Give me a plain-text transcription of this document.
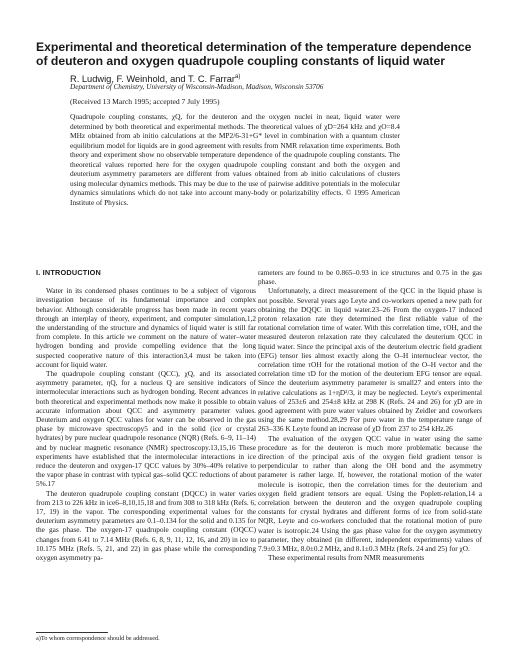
Experimental and theoretical determination of the temperature dependence of deuteron and oxygen quadrupole coupling constants of liquid water
R. Ludwig, F. Weinhold, and T. C. Farrar$^{a)}$
Department of Chemistry, University of Wisconsin-Madison, Madison, Wisconsin 53706
(Received 13 March 1995; accepted 7 July 1995)

Quadrupole coupling constants, χQ, for the deuteron and the oxygen nuclei in neat, liquid water were determined by both theoretical and experimental methods. The theoretical values of χD=264 kHz and χO=8.4 MHz obtained from ab initio calculations at the MP2/6-31+G* level in combination with a quantum cluster equilibrium model for liquids are in good agreement with results from NMR relaxation time experiments. Both theory and experiment show no observable temperature dependence of the quadrupole coupling constants. The theoretical values reported here for the oxygen quadrupole coupling constant and both the oxygen and deuterium asymmetry parameters are different from values obtained from ab initio calculations of clusters using molecular dynamics methods. This may be due to the use of pairwise additive potentials in the molecular dynamics simulations which do not take into account many-body or polarizability effects. © 1995 American Institute of Physics.

I. INTRODUCTION

Water in its condensed phases continues to be a subject of vigorous investigation because of its fundamental importance and complex behavior. Although considerable progress has been made in recent years through an interplay of theory, experiment, and computer simulation,1,2 the understanding of the structure and dynamics of liquid water is still far from complete. In this article we comment on the nature of water–water hydrogen bonding and provide compelling evidence that the long suspected cooperative nature of this interaction3,4 must be taken into account for liquid water.

The quadrupole coupling constant (QCC), χQ, and its associated asymmetry parameter, ηQ, for a nucleus Q are sensitive indicators of intermolecular interactions such as hydrogen bonding. Recent advances in both theoretical and experimental methods now make it possible to obtain accurate information about QCC and asymmetry parameter values. Deuterium and oxygen QCC values for water can be observed in the gas phase by microwave spectroscopy5 and in the solid (ice or crystal hydrates) by pure nuclear quadrupole resonance (NQR) (Refs. 6–9, 11–14) and by nuclear magnetic resonance (NMR) spectroscopy.13,15,16 These experiments have established that the intermolecular interactions in ice reduce the deuteron and oxygen-17 QCC values by 30%–40% relative to the vapor phase in contrast with typical gas–solid QCC reductions of about 5%.17

The deuteron quadrupole coupling constant (DQCC) in water varies from 213 to 226 kHz in ice6–8,10,15,18 and from 308 to 318 kHz (Refs. 6, 17, 19) in the vapor. The corresponding experimental values for the deuterium asymmetry parameters are 0.1–0.134 for the solid and 0.135 for the gas phase. The oxygen-17 quadrupole coupling constant (OQCC) changes from 6.41 to 7.14 MHz (Refs. 6, 8, 9, 11, 12, 16, and 20) in ice to 10.175 MHz (Refs. 5, 21, and 22) in gas phase while the corresponding oxygen asymmetry pa-

rameters are found to be 0.865–0.93 in ice structures and 0.75 in the gas phase.

Unfortunately, a direct measurement of the QCC in the liquid phase is not possible. Several years ago Leyte and co-workers opened a new path for obtaining the DQQC in liquid water.23–26 From the oxygen-17 induced proton relaxation rate they determined the first reliable value of the rotational correlation time of water. With this correlation time, τOH, and the measured deuteron relaxation rate they calculated the deuterium QCC in liquid water. Since the principal axis of the deuterium electric field gradient (EFG) tensor lies almost exactly along the O–H internuclear vector, the correlation time τOH for the rotational motion of the O–H vector and the correlation time τD for the motion of the deuterium EFG tensor are equal. Since the deuterium asymmetry parameter is small27 and enters into the relative calculations as 1+ηD²/3, it may be neglected. Leyte's experimental values of 253±6 and 254±8 kHz at 298 K (Refs. 24 and 26) for χD are in good agreement with pure water values obtained by Zeidler and coworkers using the same method.28,29 For pure water in the temperature range of 263–336 K Leyte found an increase of χD from 237 to 254 kHz.26

The evaluation of the oxygen QCC value in water using the same procedure as for the deuteron is much more problematic because the direction of the principal axis of the oxygen field gradient tensor is perpendicular to rather than along the OH bond and the asymmetry parameter is rather large. If, however, the rotational motion of the water molecule is isotropic, then the correlation times for the deuterium and oxygen field gradient tensors are equal. Using the Poplett-relation,14 a correlation between the deuteron and the oxygen quadrupole coupling constants for crystal hydrates and different forms of ice from solid-state NQR, Leyte and co-workers concluded that the rotational motion of pure water is isotropic.24 Using the gas phase value for the oxygen asymmetry parameter, they obtained (in different, independent experiments) values of 7.9±0.3 MHz, 8.0±0.2 MHz, and 8.1±0.3 MHz (Refs. 24 and 25) for χO.

These experimental results from NMR measurements

a)To whom correspondence should be addressed.
